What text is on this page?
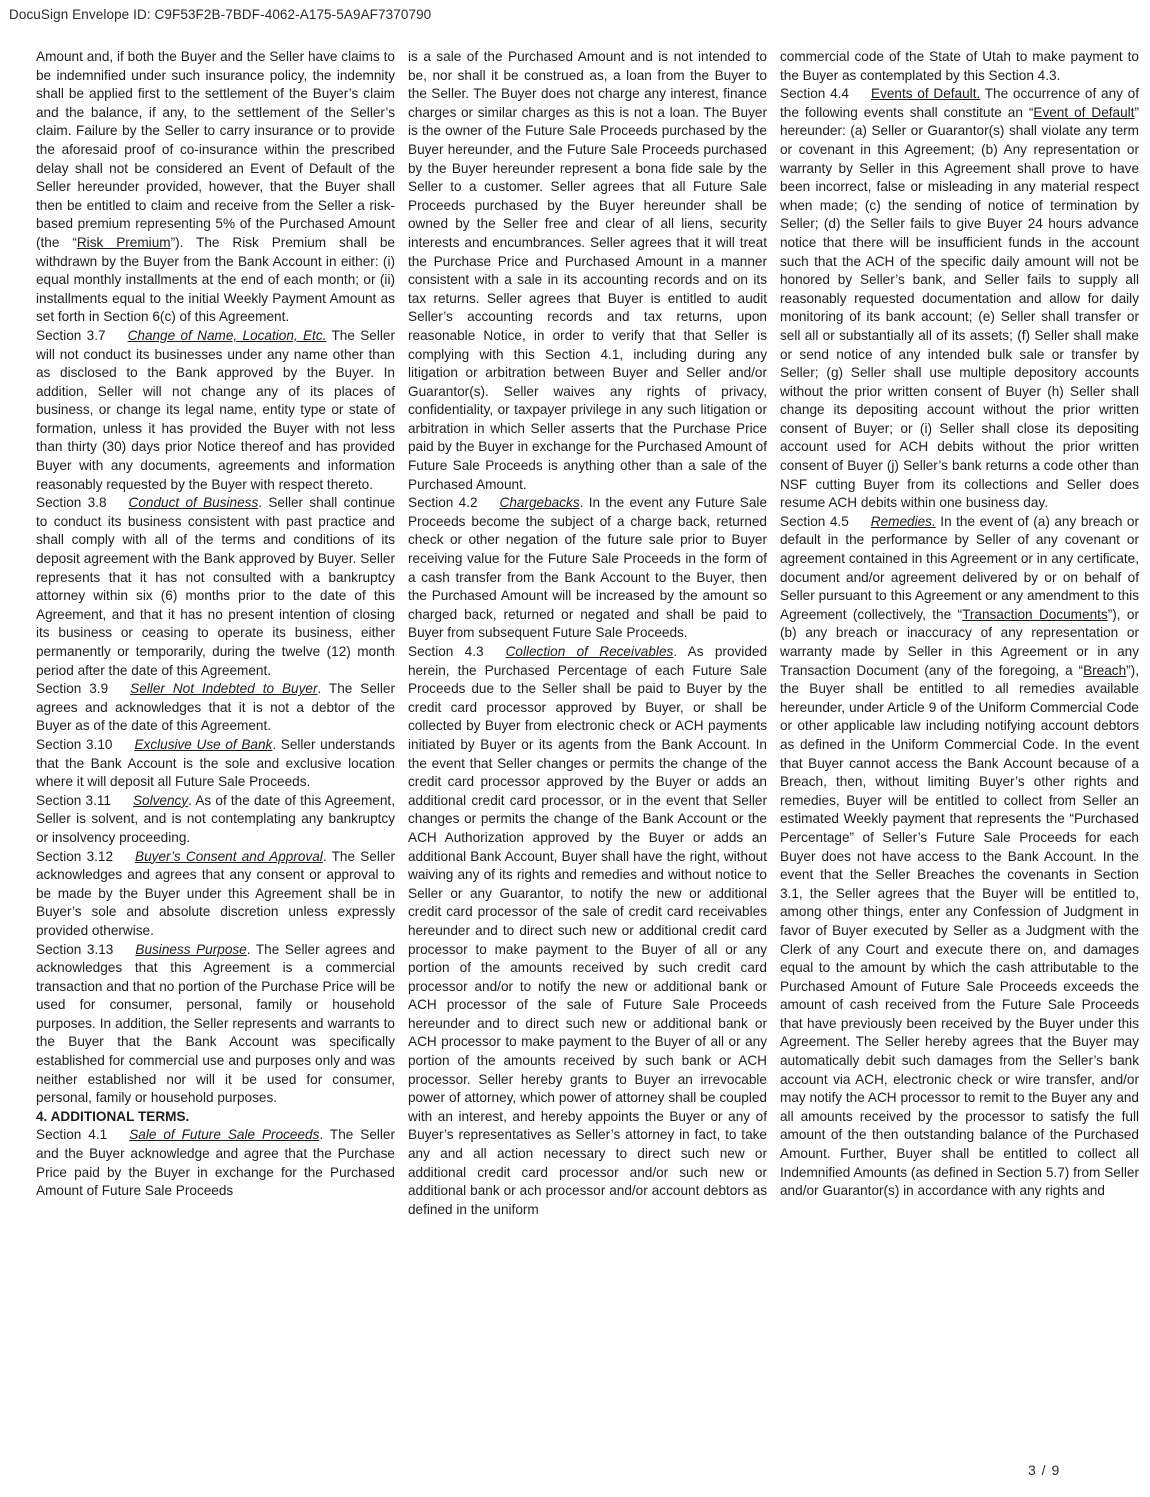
DocuSign Envelope ID: C9F53F2B-7BDF-4062-A175-5A9AF7370790

Amount and, if both the Buyer and the Seller have claims to be indemnified under such insurance policy, the indemnity shall be applied first to the settlement of the Buyer’s claim and the balance, if any, to the settlement of the Seller’s claim. Failure by the Seller to carry insurance or to provide the aforesaid proof of co-insurance within the prescribed delay shall not be considered an Event of Default of the Seller hereunder provided, however, that the Buyer shall then be entitled to claim and receive from the Seller a risk-based premium representing 5% of the Purchased Amount (the “Risk Premium”). The Risk Premium shall be withdrawn by the Buyer from the Bank Account in either: (i) equal monthly installments at the end of each month; or (ii) installments equal to the initial Weekly Payment Amount as set forth in Section 6(c) of this Agreement.

Section 3.7 Change of Name, Location, Etc. The Seller will not conduct its businesses under any name other than as disclosed to the Bank approved by the Buyer. In addition, Seller will not change any of its places of business, or change its legal name, entity type or state of formation, unless it has provided the Buyer with not less than thirty (30) days prior Notice thereof and has provided Buyer with any documents, agreements and information reasonably requested by the Buyer with respect thereto.

Section 3.8 Conduct of Business. Seller shall continue to conduct its business consistent with past practice and shall comply with all of the terms and conditions of its deposit agreement with the Bank approved by Buyer. Seller represents that it has not consulted with a bankruptcy attorney within six (6) months prior to the date of this Agreement, and that it has no present intention of closing its business or ceasing to operate its business, either permanently or temporarily, during the twelve (12) month period after the date of this Agreement.

Section 3.9 Seller Not Indebted to Buyer. The Seller agrees and acknowledges that it is not a debtor of the Buyer as of the date of this Agreement.

Section 3.10 Exclusive Use of Bank. Seller understands that the Bank Account is the sole and exclusive location where it will deposit all Future Sale Proceeds.

Section 3.11 Solvency. As of the date of this Agreement, Seller is solvent, and is not contemplating any bankruptcy or insolvency proceeding.

Section 3.12 Buyer’s Consent and Approval. The Seller acknowledges and agrees that any consent or approval to be made by the Buyer under this Agreement shall be in Buyer’s sole and absolute discretion unless expressly provided otherwise.

Section 3.13 Business Purpose. The Seller agrees and acknowledges that this Agreement is a commercial transaction and that no portion of the Purchase Price will be used for consumer, personal, family or household purposes. In addition, the Seller represents and warrants to the Buyer that the Bank Account was specifically established for commercial use and purposes only and was neither established nor will it be used for consumer, personal, family or household purposes.

4. ADDITIONAL TERMS.

Section 4.1 Sale of Future Sale Proceeds. The Seller and the Buyer acknowledge and agree that the Purchase Price paid by the Buyer in exchange for the Purchased Amount of Future Sale Proceeds

is a sale of the Purchased Amount and is not intended to be, nor shall it be construed as, a loan from the Buyer to the Seller. The Buyer does not charge any interest, finance charges or similar charges as this is not a loan. The Buyer is the owner of the Future Sale Proceeds purchased by the Buyer hereunder, and the Future Sale Proceeds purchased by the Buyer hereunder represent a bona fide sale by the Seller to a customer. Seller agrees that all Future Sale Proceeds purchased by the Buyer hereunder shall be owned by the Seller free and clear of all liens, security interests and encumbrances. Seller agrees that it will treat the Purchase Price and Purchased Amount in a manner consistent with a sale in its accounting records and on its tax returns. Seller agrees that Buyer is entitled to audit Seller’s accounting records and tax returns, upon reasonable Notice, in order to verify that that Seller is complying with this Section 4.1, including during any litigation or arbitration between Buyer and Seller and/or Guarantor(s). Seller waives any rights of privacy, confidentiality, or taxpayer privilege in any such litigation or arbitration in which Seller asserts that the Purchase Price paid by the Buyer in exchange for the Purchased Amount of Future Sale Proceeds is anything other than a sale of the Purchased Amount.

Section 4.2 Chargebacks. In the event any Future Sale Proceeds become the subject of a charge back, returned check or other negation of the future sale prior to Buyer receiving value for the Future Sale Proceeds in the form of a cash transfer from the Bank Account to the Buyer, then the Purchased Amount will be increased by the amount so charged back, returned or negated and shall be paid to Buyer from subsequent Future Sale Proceeds.

Section 4.3 Collection of Receivables. As provided herein, the Purchased Percentage of each Future Sale Proceeds due to the Seller shall be paid to Buyer by the credit card processor approved by Buyer, or shall be collected by Buyer from electronic check or ACH payments initiated by Buyer or its agents from the Bank Account. In the event that Seller changes or permits the change of the credit card processor approved by the Buyer or adds an additional credit card processor, or in the event that Seller changes or permits the change of the Bank Account or the ACH Authorization approved by the Buyer or adds an additional Bank Account, Buyer shall have the right, without waiving any of its rights and remedies and without notice to Seller or any Guarantor, to notify the new or additional credit card processor of the sale of credit card receivables hereunder and to direct such new or additional credit card processor to make payment to the Buyer of all or any portion of the amounts received by such credit card processor and/or to notify the new or additional bank or ACH processor of the sale of Future Sale Proceeds hereunder and to direct such new or additional bank or ACH processor to make payment to the Buyer of all or any portion of the amounts received by such bank or ACH processor. Seller hereby grants to Buyer an irrevocable power of attorney, which power of attorney shall be coupled with an interest, and hereby appoints the Buyer or any of Buyer’s representatives as Seller’s attorney in fact, to take any and all action necessary to direct such new or additional credit card processor and/or such new or additional bank or ach processor and/or account debtors as defined in the uniform

commercial code of the State of Utah to make payment to the Buyer as contemplated by this Section 4.3.

Section 4.4 Events of Default. The occurrence of any of the following events shall constitute an “Event of Default” hereunder: (a) Seller or Guarantor(s) shall violate any term or covenant in this Agreement; (b) Any representation or warranty by Seller in this Agreement shall prove to have been incorrect, false or misleading in any material respect when made; (c) the sending of notice of termination by Seller; (d) the Seller fails to give Buyer 24 hours advance notice that there will be insufficient funds in the account such that the ACH of the specific daily amount will not be honored by Seller’s bank, and Seller fails to supply all reasonably requested documentation and allow for daily monitoring of its bank account; (e) Seller shall transfer or sell all or substantially all of its assets; (f) Seller shall make or send notice of any intended bulk sale or transfer by Seller; (g) Seller shall use multiple depository accounts without the prior written consent of Buyer (h) Seller shall change its depositing account without the prior written consent of Buyer; or (i) Seller shall close its depositing account used for ACH debits without the prior written consent of Buyer (j) Seller’s bank returns a code other than NSF cutting Buyer from its collections and Seller does resume ACH debits within one business day.

Section 4.5 Remedies. In the event of (a) any breach or default in the performance by Seller of any covenant or agreement contained in this Agreement or in any certificate, document and/or agreement delivered by or on behalf of Seller pursuant to this Agreement or any amendment to this Agreement (collectively, the “Transaction Documents”), or (b) any breach or inaccuracy of any representation or warranty made by Seller in this Agreement or in any Transaction Document (any of the foregoing, a “Breach”), the Buyer shall be entitled to all remedies available hereunder, under Article 9 of the Uniform Commercial Code or other applicable law including notifying account debtors as defined in the Uniform Commercial Code. In the event that Buyer cannot access the Bank Account because of a Breach, then, without limiting Buyer’s other rights and remedies, Buyer will be entitled to collect from Seller an estimated Weekly payment that represents the “Purchased Percentage” of Seller’s Future Sale Proceeds for each Buyer does not have access to the Bank Account. In the event that the Seller Breaches the covenants in Section 3.1, the Seller agrees that the Buyer will be entitled to, among other things, enter any Confession of Judgment in favor of Buyer executed by Seller as a Judgment with the Clerk of any Court and execute there on, and damages equal to the amount by which the cash attributable to the Purchased Amount of Future Sale Proceeds exceeds the amount of cash received from the Future Sale Proceeds that have previously been received by the Buyer under this Agreement. The Seller hereby agrees that the Buyer may automatically debit such damages from the Seller’s bank account via ACH, electronic check or wire transfer, and/or may notify the ACH processor to remit to the Buyer any and all amounts received by the processor to satisfy the full amount of the then outstanding balance of the Purchased Amount. Further, Buyer shall be entitled to collect all Indemnified Amounts (as defined in Section 5.7) from Seller and/or Guarantor(s) in accordance with any rights and

3 / 9
